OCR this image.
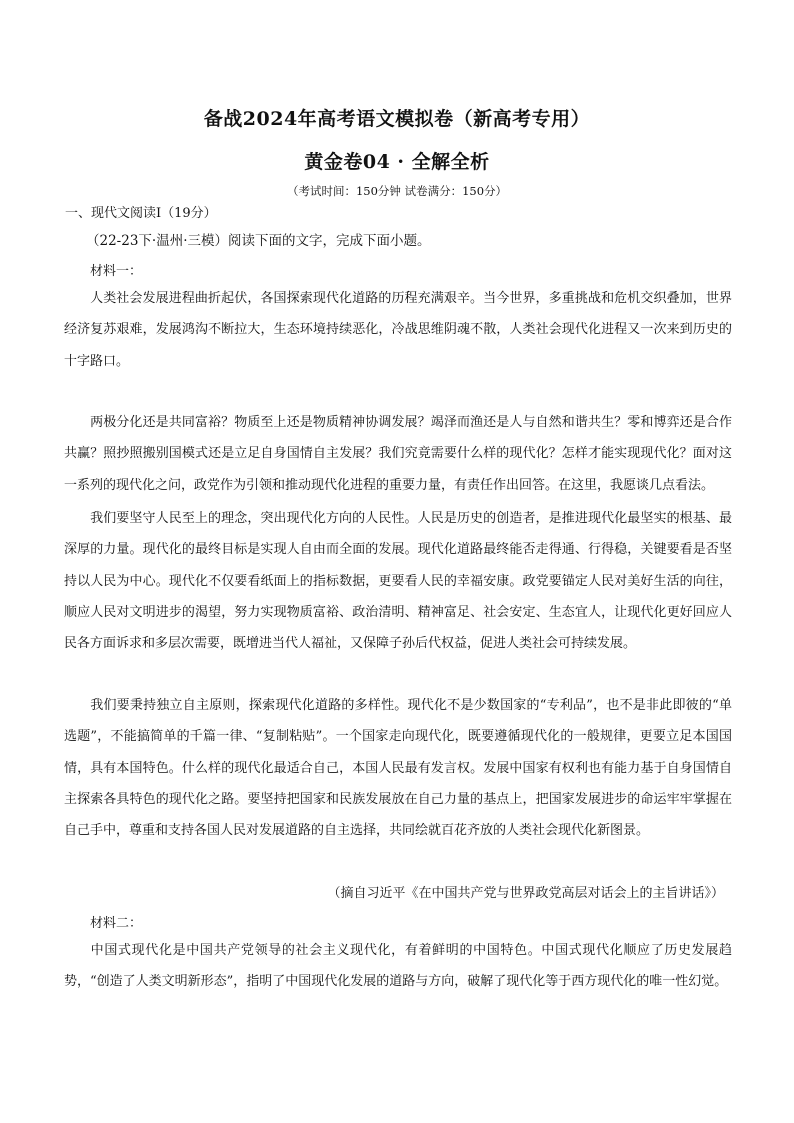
备战2024年高考语文模拟卷（新高考专用）
黄金卷04 · 全解全析
（考试时间：150分钟 试卷满分：150分）
一、现代文阅读Ⅰ（19分）
（22-23下·温州·三模）阅读下面的文字，完成下面小题。
材料一：
人类社会发展进程曲折起伏，各国探索现代化道路的历程充满艰辛。当今世界，多重挑战和危机交织叠加，世界经济复苏艰难，发展鸿沟不断拉大，生态环境持续恶化，冷战思维阴魂不散，人类社会现代化进程又一次来到历史的十字路口。
两极分化还是共同富裕？物质至上还是物质精神协调发展？竭泽而渔还是人与自然和谐共生？零和博弈还是合作共赢？照抄照搬别国模式还是立足自身国情自主发展？我们究竟需要什么样的现代化？怎样才能实现现代化？面对这一系列的现代化之问，政党作为引领和推动现代化进程的重要力量，有责任作出回答。在这里，我愿谈几点看法。
我们要坚守人民至上的理念，突出现代化方向的人民性。人民是历史的创造者，是推进现代化最坚实的根基、最深厚的力量。现代化的最终目标是实现人自由而全面的发展。现代化道路最终能否走得通、行得稳，关键要看是否坚持以人民为中心。现代化不仅要看纸面上的指标数据，更要看人民的幸福安康。政党要锚定人民对美好生活的向往，顺应人民对文明进步的渴望，努力实现物质富裕、政治清明、精神富足、社会安定、生态宜人，让现代化更好回应人民各方面诉求和多层次需要，既增进当代人福祉，又保障子孙后代权益，促进人类社会可持续发展。
我们要秉持独立自主原则，探索现代化道路的多样性。现代化不是少数国家的“专利品”，也不是非此即彼的“单选题”，不能搞简单的千篇一律、“复制粘贴”。一个国家走向现代化，既要遵循现代化的一般规律，更要立足本国国情，具有本国特色。什么样的现代化最适合自己，本国人民最有发言权。发展中国家有权利也有能力基于自身国情自主探索各具特色的现代化之路。要坚持把国家和民族发展放在自己力量的基点上，把国家发展进步的命运牢牢掌握在自己手中，尊重和支持各国人民对发展道路的自主选择，共同绘就百花齐放的人类社会现代化新图景。
（摘自习近平《在中国共产党与世界政党高层对话会上的主旨讲话》）
材料二：
中国式现代化是中国共产党领导的社会主义现代化，有着鲜明的中国特色。中国式现代化顺应了历史发展趋势，“创造了人类文明新形态”，指明了中国现代化发展的道路与方向，破解了现代化等于西方现代化的唯一性幻觉。
